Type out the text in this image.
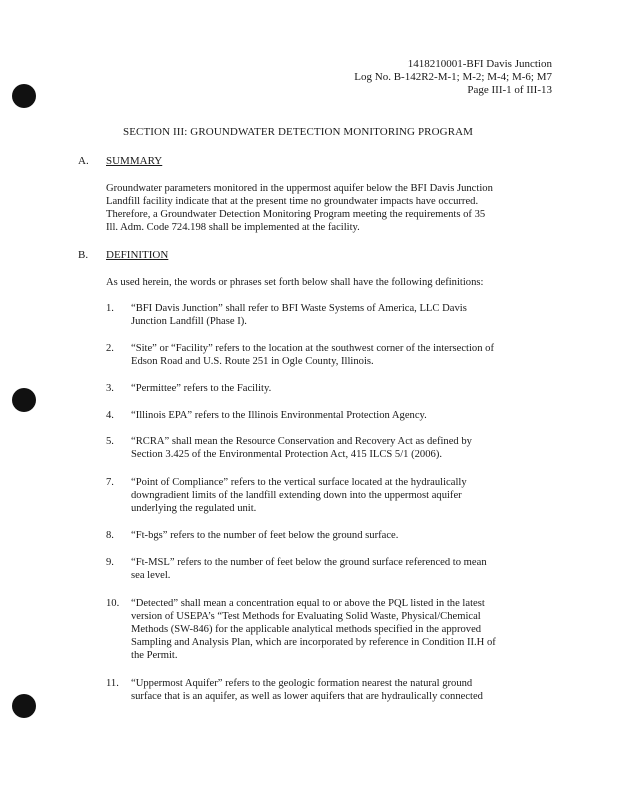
1418210001-BFI Davis Junction
Log No. B-142R2-M-1; M-2; M-4; M-6; M7
Page III-1 of III-13
SECTION III: GROUNDWATER DETECTION MONITORING PROGRAM
A. SUMMARY
Groundwater parameters monitored in the uppermost aquifer below the BFI Davis Junction
Landfill facility indicate that at the present time no groundwater impacts have occurred.
Therefore, a Groundwater Detection Monitoring Program meeting the requirements of 35
Ill. Adm. Code 724.198 shall be implemented at the facility.
B. DEFINITION
As used herein, the words or phrases set forth below shall have the following definitions:
1.	“BFI Davis Junction” shall refer to BFI Waste Systems of America, LLC Davis
Junction Landfill (Phase I).
2.	“Site” or “Facility” refers to the location at the southwest corner of the intersection of
Edson Road and U.S. Route 251 in Ogle County, Illinois.
3.	“Permittee” refers to the Facility.
4.	“Illinois EPA” refers to the Illinois Environmental Protection Agency.
5.	“RCRA” shall mean the Resource Conservation and Recovery Act as defined by
Section 3.425 of the Environmental Protection Act, 415 ILCS 5/1 (2006).
7.	“Point of Compliance” refers to the vertical surface located at the hydraulically
downgradient limits of the landfill extending down into the uppermost aquifer
underlying the regulated unit.
8.	“Ft-bgs” refers to the number of feet below the ground surface.
9.	“Ft-MSL” refers to the number of feet below the ground surface referenced to mean
sea level.
10.	“Detected” shall mean a concentration equal to or above the PQL listed in the latest
version of USEPA’s “Test Methods for Evaluating Solid Waste, Physical/Chemical
Methods (SW-846) for the applicable analytical methods specified in the approved
Sampling and Analysis Plan, which are incorporated by reference in Condition II.H of
the Permit.
11.	“Uppermost Aquifer” refers to the geologic formation nearest the natural ground
surface that is an aquifer, as well as lower aquifers that are hydraulically connected
